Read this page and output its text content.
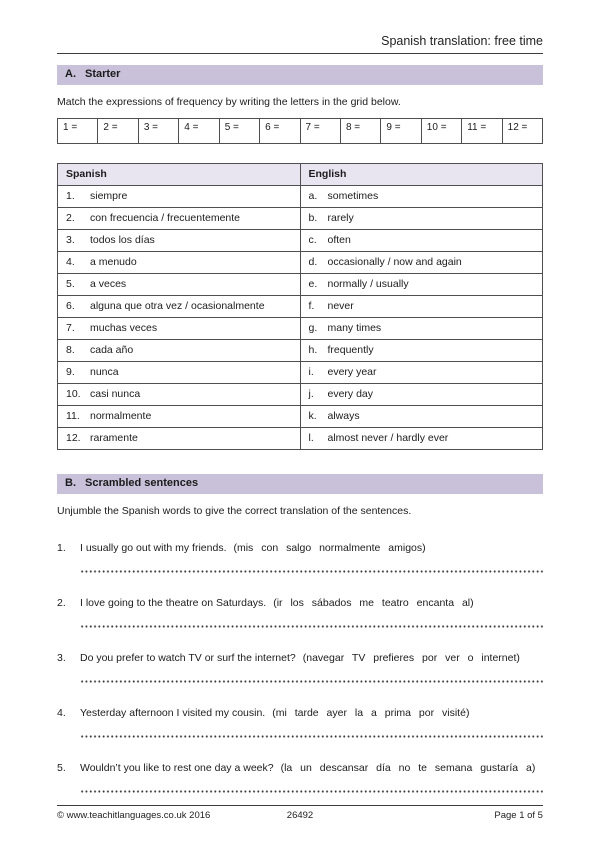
Spanish translation: free time
A. Starter
Match the expressions of frequency by writing the letters in the grid below.
1 =	2 =	3 =	4 =	5 =	6 =	7 =	8 =	9 =	10 =	11 =	12 =
Spanish	English
1. siempre	a. sometimes
2. con frecuencia / frecuentemente	b. rarely
3. todos los días	c. often
4. a menudo	d. occasionally / now and again
5. a veces	e. normally / usually
6. alguna que otra vez / ocasionalmente	f. never
7. muchas veces	g. many times
8. cada año	h. frequently
9. nunca	i. every year
10. casi nunca	j. every day
11. normalmente	k. always
12. raramente	l. almost never / hardly ever
B. Scrambled sentences
Unjumble the Spanish words to give the correct translation of the sentences.
1. I usually go out with my friends. (mis con salgo normalmente amigos)
2. I love going to the theatre on Saturdays. (ir los sábados me teatro encanta al)
3. Do you prefer to watch TV or surf the internet? (navegar TV prefieres por ver o internet)
4. Yesterday afternoon I visited my cousin. (mi tarde ayer la a prima por visité)
5. Wouldn’t you like to rest one day a week? (la un descansar día no te semana gustaría a)
© www.teachitlanguages.co.uk 2016	26492	Page 1 of 5
